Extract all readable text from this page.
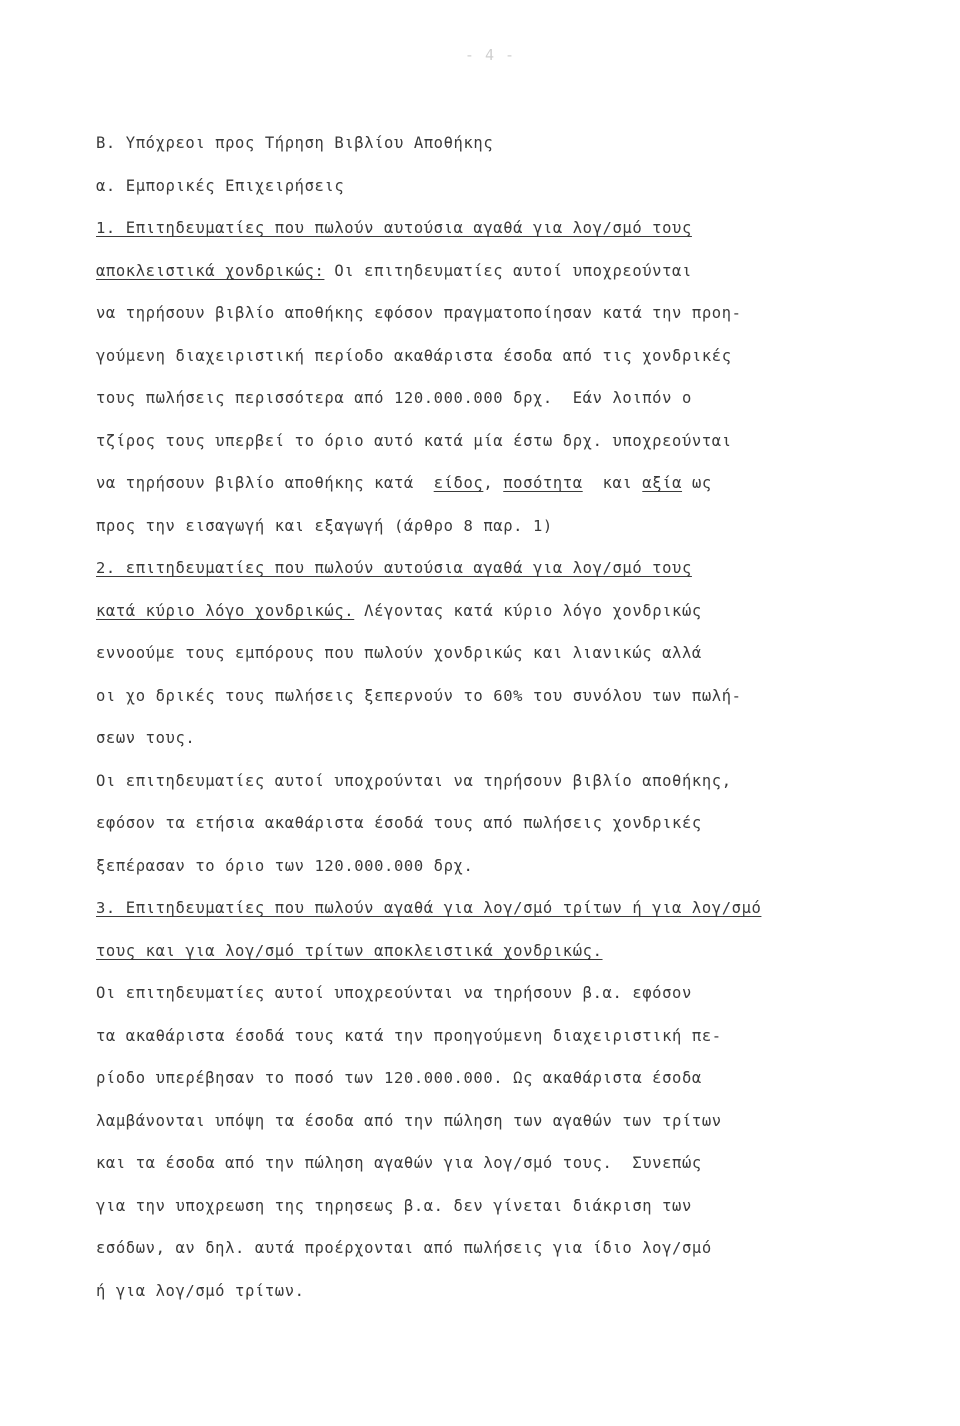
- 4 -
Β. Υπόχρεοι προς Τήρηση Βιβλίου Αποθήκης
α. Εμπορικές Επιχειρήσεις
1. Επιτηδευματίες που πωλούν αυτούσια αγαθά για λογ/σμό τους
αποκλειστικά χονδρικώς: Οι επιτηδευματίες αυτοί υποχρεούνται
να τηρήσουν βιβλίο αποθήκης εφόσον πραγματοποίησαν κατά την προη-
γούμενη διαχειριστική περίοδο ακαθάριστα έσοδα από τις χονδρικές
τους πωλήσεις περισσότερα από 120.000.000 δρχ.  Εάν λοιπόν ο
τζίρος τους υπερβεί το όριο αυτό κατά μία έστω δρχ. υποχρεούνται
να τηρήσουν βιβλίο αποθήκης κατά  είδος, ποσότητα  και αξία ως
προς την εισαγωγή και εξαγωγή (άρθρο 8 παρ. 1)
2. επιτηδευματίες που πωλούν αυτούσια αγαθά για λογ/σμό τους
κατά κύριο λόγο χονδρικώς. Λέγοντας κατά κύριο λόγο χονδρικώς
εννοούμε τους εμπόρους που πωλούν χονδρικώς και λιανικώς αλλά
οι χο δρικές τους πωλήσεις ξεπερνούν το 60% του συνόλου των πωλή-
σεων τους.
Οι επιτηδευματίες αυτοί υποχρούνται να τηρήσουν βιβλίο αποθήκης,
εφόσον τα ετήσια ακαθάριστα έσοδά τους από πωλήσεις χονδρικές
ξεπέρασαν το όριο των 120.000.000 δρχ.
3. Επιτηδευματίες που πωλούν αγαθά για λογ/σμό τρίτων ή για λογ/σμό
τους και για λογ/σμό τρίτων αποκλειστικά χονδρικώς.
Οι επιτηδευματίες αυτοί υποχρεούνται να τηρήσουν β.α. εφόσον
τα ακαθάριστα έσοδά τους κατά την προηγούμενη διαχειριστική πε-
ρίοδο υπερέβησαν το ποσό των 120.000.000. Ως ακαθάριστα έσοδα
λαμβάνονται υπόψη τα έσοδα από την πώληση των αγαθών των τρίτων
και τα έσοδα από την πώληση αγαθών για λογ/σμό τους.  Συνεπώς
για την υποχρεωση της τηρησεως β.α. δεν γίνεται διάκριση των
εσόδων, αν δηλ. αυτά προέρχονται από πωλήσεις για ίδιο λογ/σμό
ή για λογ/σμό τρίτων.
